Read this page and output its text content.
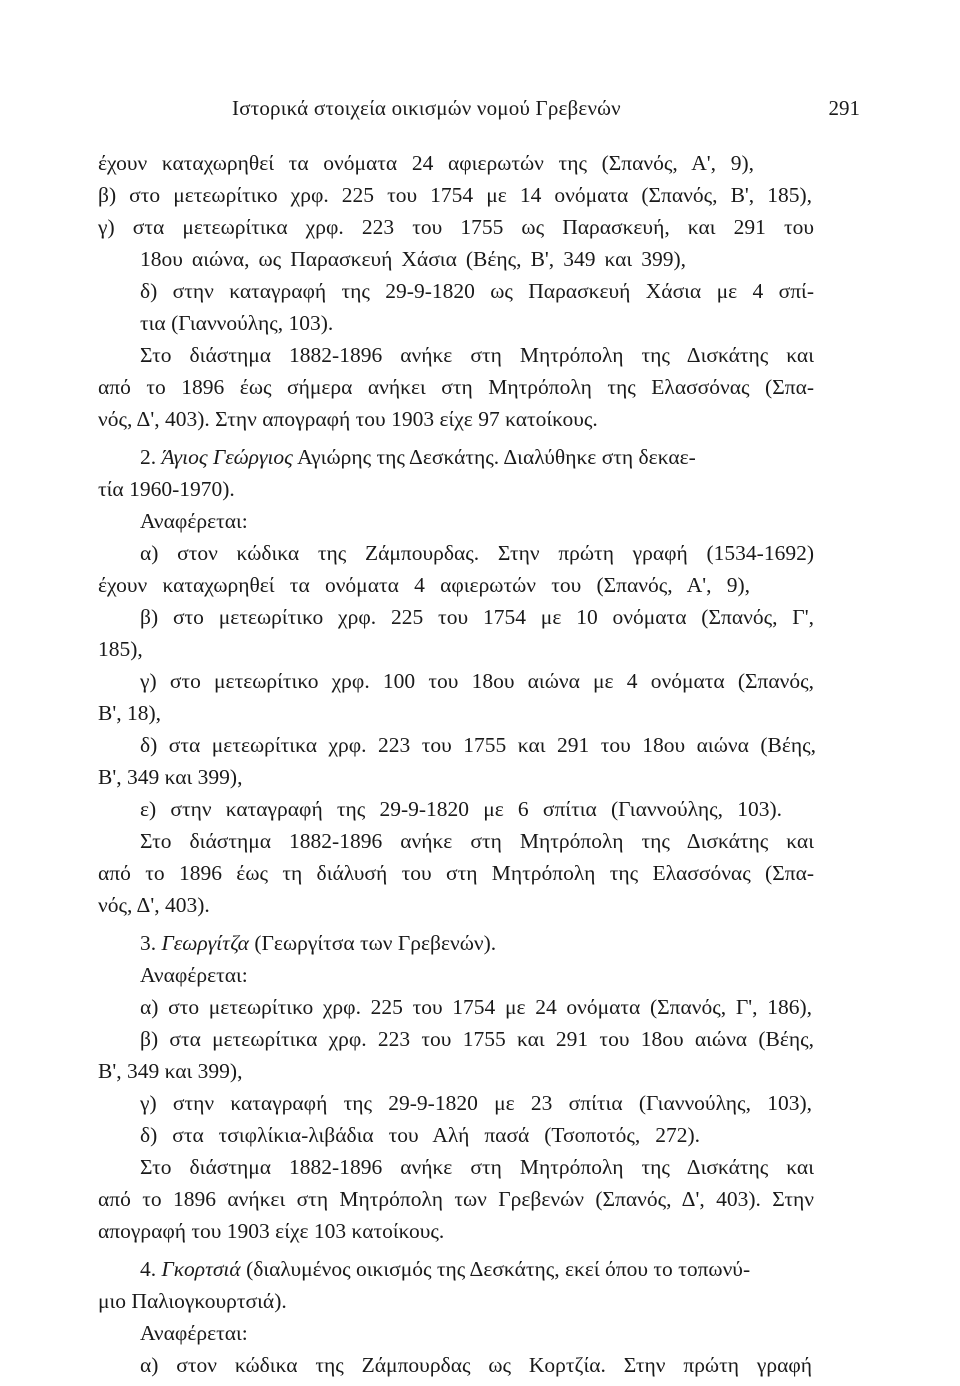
Ιστορικά στοιχεία οικισμών νομού Γρεβενών	291
έχουν καταχωρηθεί τα ονόματα 24 αφιερωτών της (Σπανός, Α', 9),
β) στο μετεωρίτικο χρφ. 225 του 1754 με 14 ονόματα (Σπανός, Β', 185),
γ) στα μετεωρίτικα χρφ. 223 του 1755 ως Παρασκευή, και 291 του
18ου αιώνα, ως Παρασκευή Χάσια (Βέης, Β', 349 και 399),
δ) στην καταγραφή της 29-9-1820 ως Παρασκευή Χάσια με 4 σπί-
τια (Γιαννούλης, 103).
Στο διάστημα 1882-1896 ανήκε στη Μητρόπολη της Δισκάτης και
από το 1896 έως σήμερα ανήκει στη Μητρόπολη της Ελασσόνας (Σπα-
νός, Δ', 403). Στην απογραφή του 1903 είχε 97 κατοίκους.
2. Άγιος Γεώργιος Αγιώρης της Δεσκάτης. Διαλύθηκε στη δεκαε-
τία 1960-1970).
Αναφέρεται:
α) στον κώδικα της Ζάμπουρδας. Στην πρώτη γραφή (1534-1692)
έχουν καταχωρηθεί τα ονόματα 4 αφιερωτών του (Σπανός, Α', 9),
β) στο μετεωρίτικο χρφ. 225 του 1754 με 10 ονόματα (Σπανός, Γ',
185),
γ) στο μετεωρίτικο χρφ. 100 του 18ου αιώνα με 4 ονόματα (Σπανός,
Β', 18),
δ) στα μετεωρίτικα χρφ. 223 του 1755 και 291 του 18ου αιώνα (Βέης,
Β', 349 και 399),
ε) στην καταγραφή της 29-9-1820 με 6 σπίτια (Γιαννούλης, 103).
Στο διάστημα 1882-1896 ανήκε στη Μητρόπολη της Δισκάτης και
από το 1896 έως τη διάλυσή του στη Μητρόπολη της Ελασσόνας (Σπα-
νός, Δ', 403).
3. Γεωργίτζα (Γεωργίτσα των Γρεβενών).
Αναφέρεται:
α) στο μετεωρίτικο χρφ. 225 του 1754 με 24 ονόματα (Σπανός, Γ', 186),
β) στα μετεωρίτικα χρφ. 223 του 1755 και 291 του 18ου αιώνα (Βέης,
Β', 349 και 399),
γ) στην καταγραφή της 29-9-1820 με 23 σπίτια (Γιαννούλης, 103),
δ) στα τσιφλίκια-λιβάδια του Αλή πασά (Τσοποτός, 272).
Στο διάστημα 1882-1896 ανήκε στη Μητρόπολη της Δισκάτης και
από το 1896 ανήκει στη Μητρόπολη των Γρεβενών (Σπανός, Δ', 403). Στην
απογραφή του 1903 είχε 103 κατοίκους.
4. Γκορτσιά (διαλυμένος οικισμός της Δεσκάτης, εκεί όπου το τοπωνύ-
μιο Παλιογκουρτσιά).
Αναφέρεται:
α) στον κώδικα της Ζάμπουρδας ως Κορτζία. Στην πρώτη γραφή
